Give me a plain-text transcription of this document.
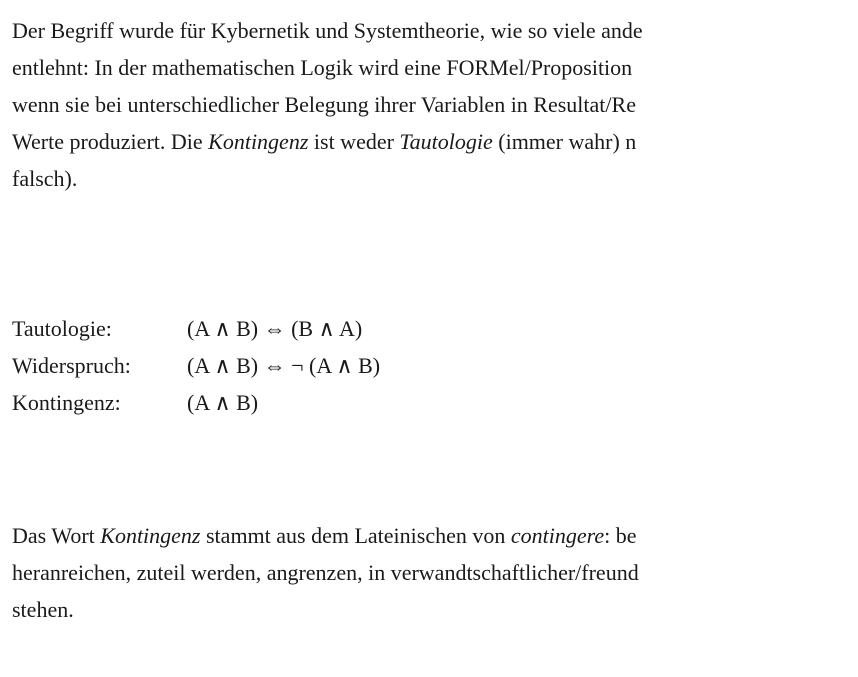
Der Begriff wurde für Kybernetik und Systemtheorie, wie so viele ande
entlehnt: In der mathematischen Logik wird eine FORMel/Proposition
wenn sie bei unterschiedlicher Belegung ihrer Variablen in Resultat/Re
Werte produziert. Die Kontingenz ist weder Tautologie (immer wahr) n
falsch).
Tautologie:	(A ∧ B) ⇔ (B ∧ A)
Widerspruch:	(A ∧ B) ⇔ ¬ (A ∧ B)
Kontingenz:	(A ∧ B)
Das Wort Kontingenz stammt aus dem Lateinischen von contingere: be
heranreichen, zuteil werden, angrenzen, in verwandtschaftlicher/freund
stehen.
